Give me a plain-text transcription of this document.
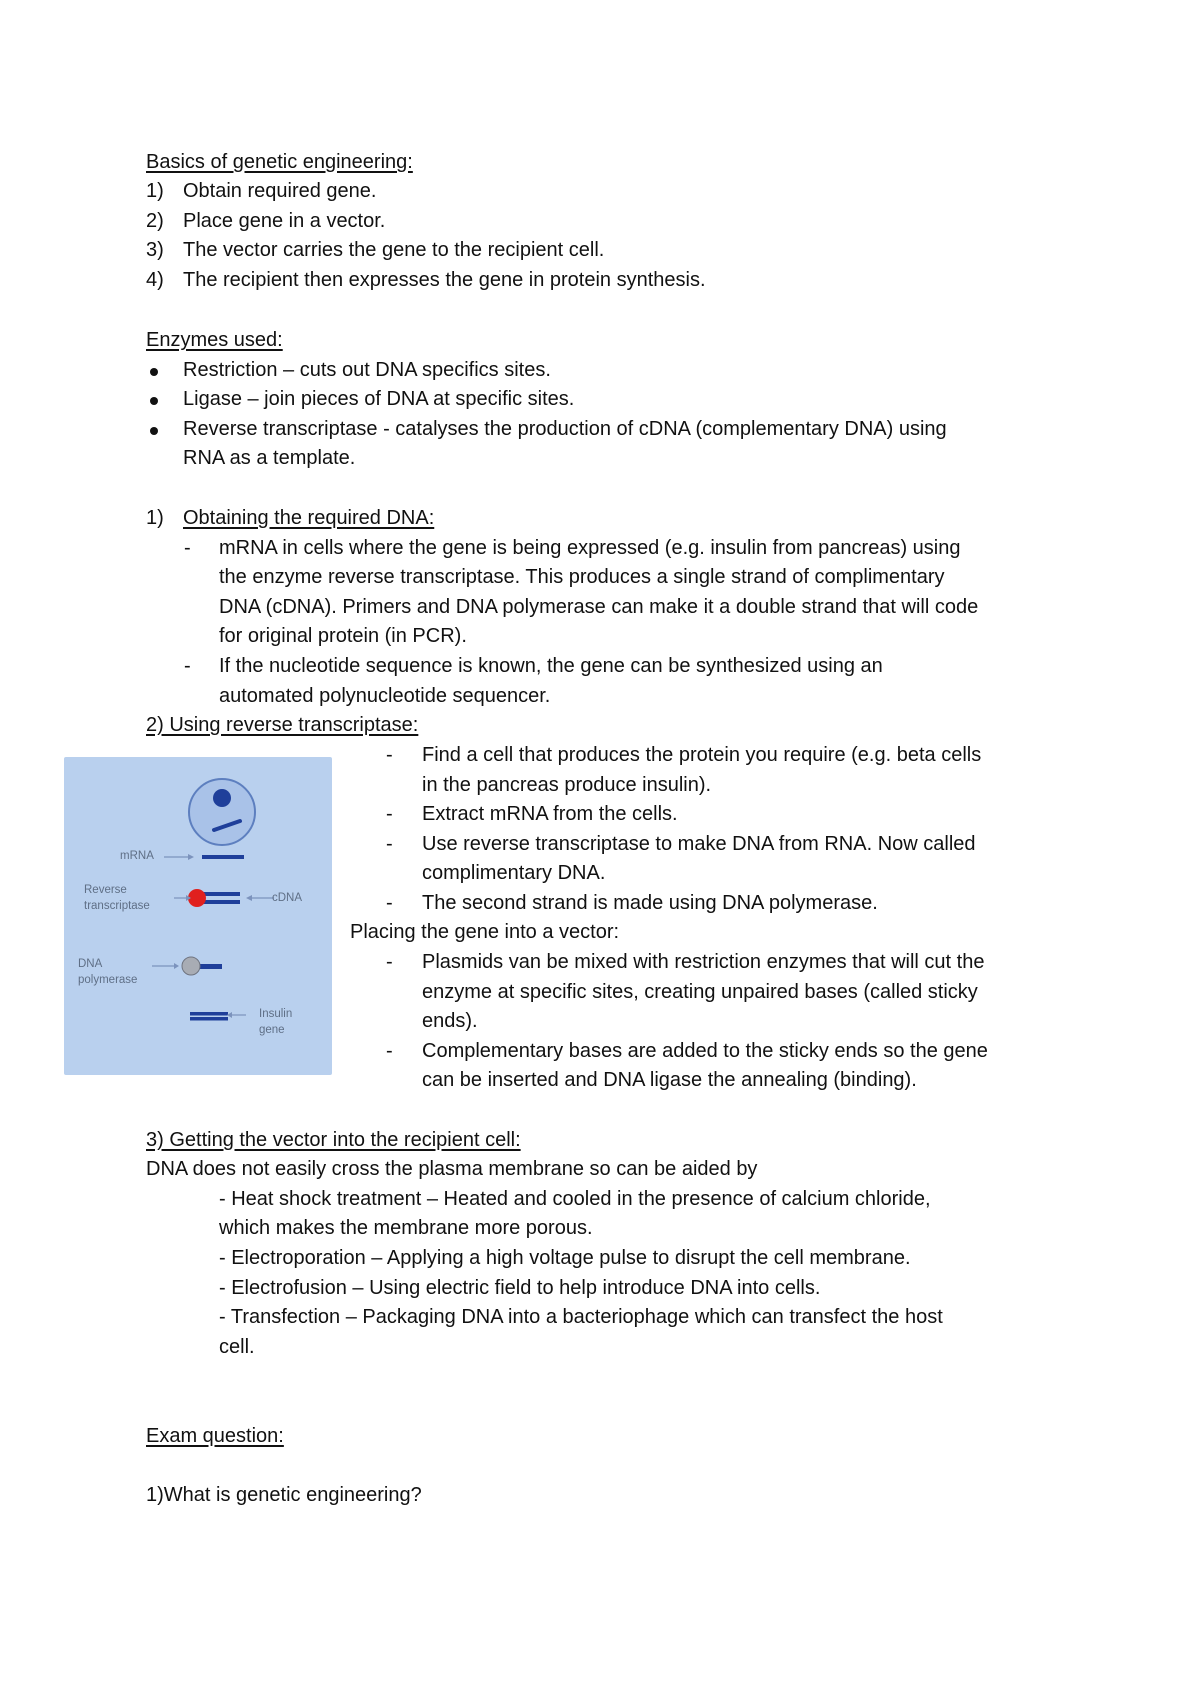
Basics of genetic engineering:
1) Obtain required gene.
2) Place gene in a vector.
3) The vector carries the gene to the recipient cell.
4) The recipient then expresses the gene in protein synthesis.
Enzymes used:
Restriction – cuts out DNA specifics sites.
Ligase – join pieces of DNA at specific sites.
Reverse transcriptase - catalyses the production of cDNA (complementary DNA) using
RNA as a template.
1) Obtaining the required DNA:
- mRNA in cells where the gene is being expressed (e.g. insulin from pancreas) using
the enzyme reverse transcriptase. This produces a single strand of complimentary
DNA (cDNA). Primers and DNA polymerase can make it a double strand that will code
for original protein (in PCR).
- If the nucleotide sequence is known, the gene can be synthesized using an
automated polynucleotide sequencer.
2) Using reverse transcriptase:
mRNA
Reverse
transcriptase
cDNA
DNA
polymerase
Insulin
gene
- Find a cell that produces the protein you require (e.g. beta cells
in the pancreas produce insulin).
- Extract mRNA from the cells.
- Use reverse transcriptase to make DNA from RNA. Now called
complimentary DNA.
- The second strand is made using DNA polymerase.
Placing the gene into a vector:
- Plasmids van be mixed with restriction enzymes that will cut the
enzyme at specific sites, creating unpaired bases (called sticky
ends).
- Complementary bases are added to the sticky ends so the gene
can be inserted and DNA ligase the annealing (binding).
3) Getting the vector into the recipient cell:
DNA does not easily cross the plasma membrane so can be aided by
- Heat shock treatment – Heated and cooled in the presence of calcium chloride,
which makes the membrane more porous.
- Electroporation – Applying a high voltage pulse to disrupt the cell membrane.
- Electrofusion – Using electric field to help introduce DNA into cells.
- Transfection – Packaging DNA into a bacteriophage which can transfect the host
cell.
Exam question:
1)What is genetic engineering?
